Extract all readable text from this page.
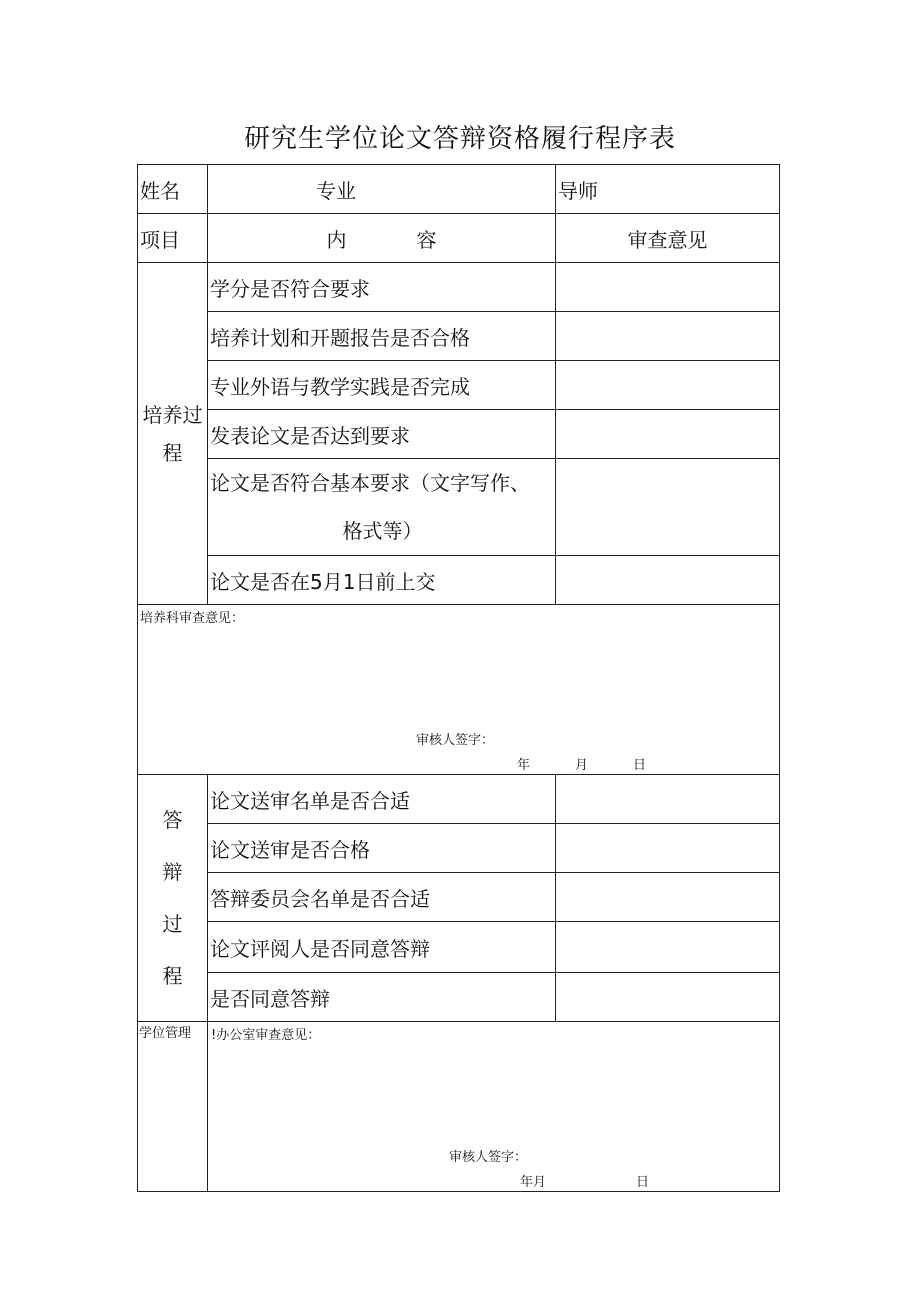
研究生学位论文答辩资格履行程序表
姓名	专业	导师
项目	内 容	审查意见
培养过
程	学分是否符合要求	
	培养计划和开题报告是否合格	
	专业外语与教学实践是否完成	
	发表论文是否达到要求	
	论文是否符合基本要求（文字写作、

格式等）	

	论文是否在5月1日前上交	

培养科审查意见：
审核人签字：
年 月 日		

答
辩
过
程	论文送审名单是否合适	
	论文送审是否合格	
	答辩委员会名单是否合适	
	论文评阅人是否同意答辩	
	是否同意答辩	
学位管理	!办公室审查意见：
审核人签字：
年月 日	
